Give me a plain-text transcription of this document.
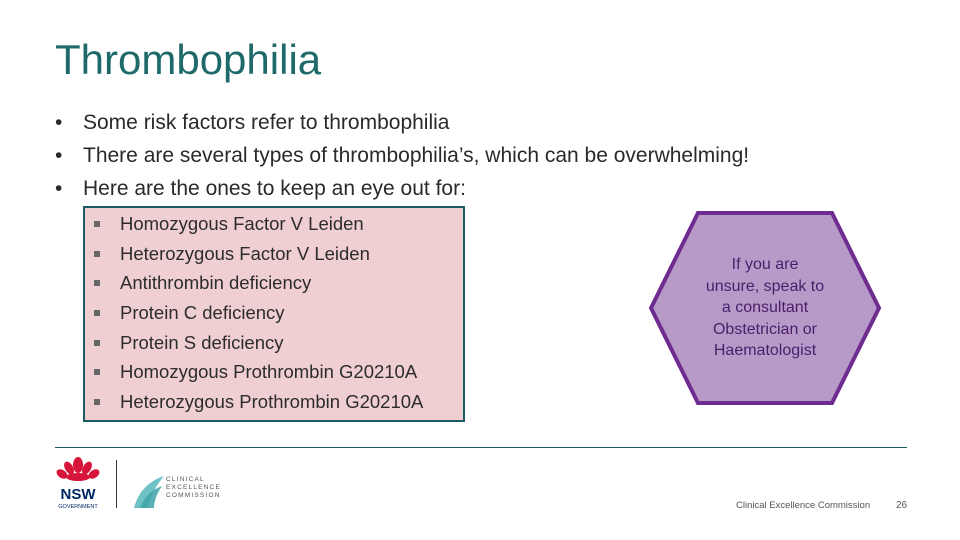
Thrombophilia
• Some risk factors refer to thrombophilia
• There are several types of thrombophilia’s, which can be overwhelming!
• Here are the ones to keep an eye out for:
Homozygous Factor V Leiden
Heterozygous Factor V Leiden
Antithrombin deficiency
Protein C deficiency
Protein S deficiency
Homozygous Prothrombin G20210A
Heterozygous Prothrombin G20210A
If you are
unsure, speak to
a consultant
Obstetrician or
Haematologist
NSW
GOVERNMENT
CLINICAL
EXCELLENCE
COMMISSION
Clinical Excellence Commission	26
